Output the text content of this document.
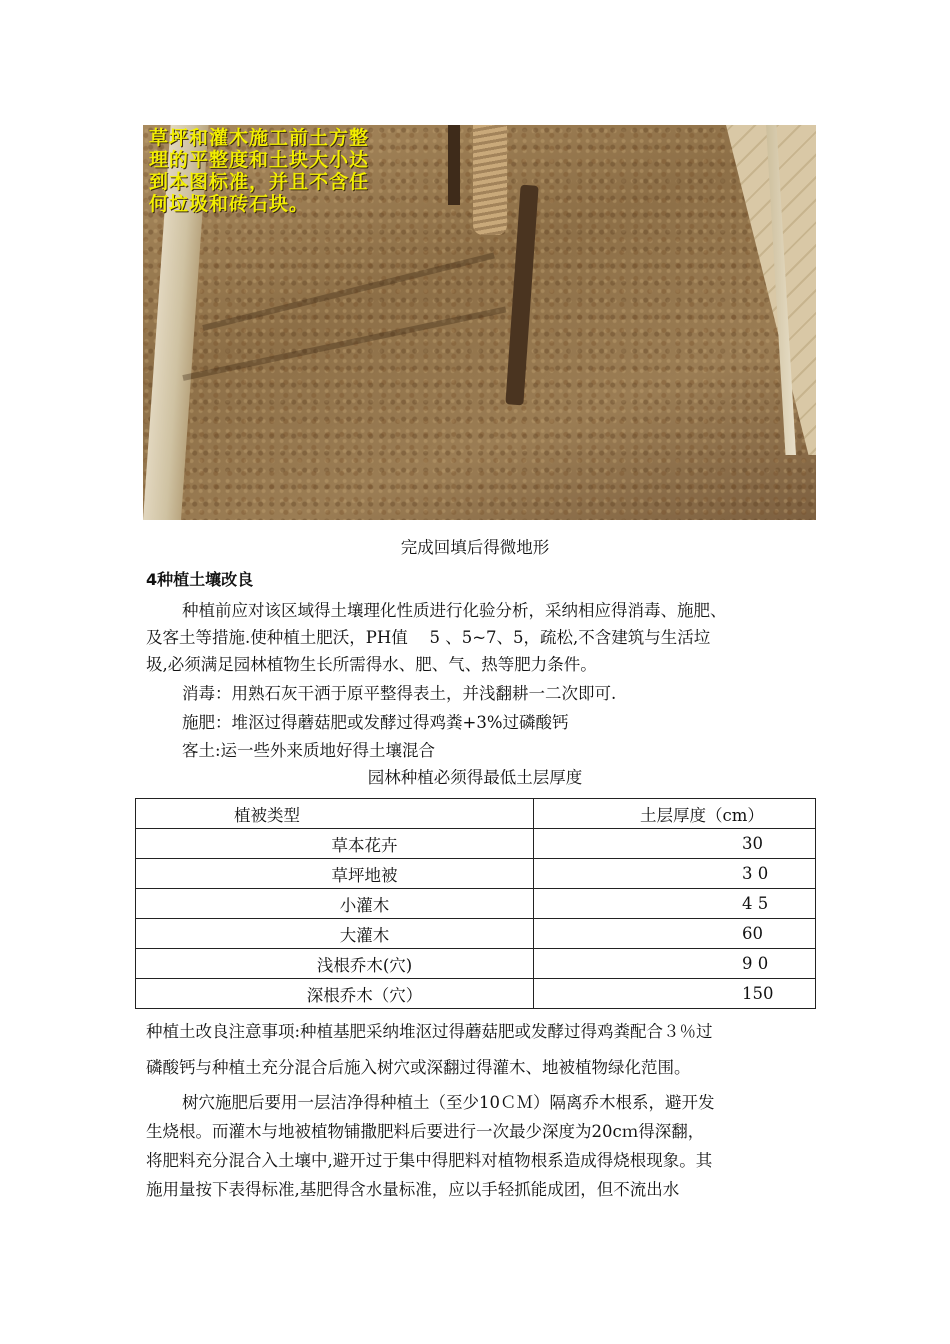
草坪和灌木施工前土方整
理的平整度和土块大小达
到本图标准，并且不含任
何垃圾和砖石块。
完成回填后得微地形
4种植土壤改良
种植前应对该区域得土壤理化性质进行化验分析，采纳相应得消毒、施肥、
及客土等措施.使种植土肥沃，PH值　 5 、5~7、5，疏松,不含建筑与生活垃
圾,必须满足园林植物生长所需得水、肥、气、热等肥力条件。
消毒：用熟石灰干洒于原平整得表土，并浅翻耕一二次即可.
施肥：堆沤过得蘑菇肥或发酵过得鸡粪+3%过磷酸钙
客土:运一些外来质地好得土壤混合
园林种植必须得最低土层厚度
植被类型	土层厚度（cm）
草本花卉	30
草坪地被	3 0
小灌木	4 5
大灌木	60
浅根乔木(穴)	9 0
深根乔木（穴）	150
种植土改良注意事项:种植基肥采纳堆沤过得蘑菇肥或发酵过得鸡粪配合３％过
磷酸钙与种植土充分混合后施入树穴或深翻过得灌木、地被植物绿化范围。
树穴施肥后要用一层洁净得种植土（至少10ＣＭ）隔离乔木根系，避开发
生烧根。而灌木与地被植物铺撒肥料后要进行一次最少深度为20cｍ得深翻，
将肥料充分混合入土壤中,避开过于集中得肥料对植物根系造成得烧根现象。其
施用量按下表得标准,基肥得含水量标准，应以手轻抓能成团，但不流出水
